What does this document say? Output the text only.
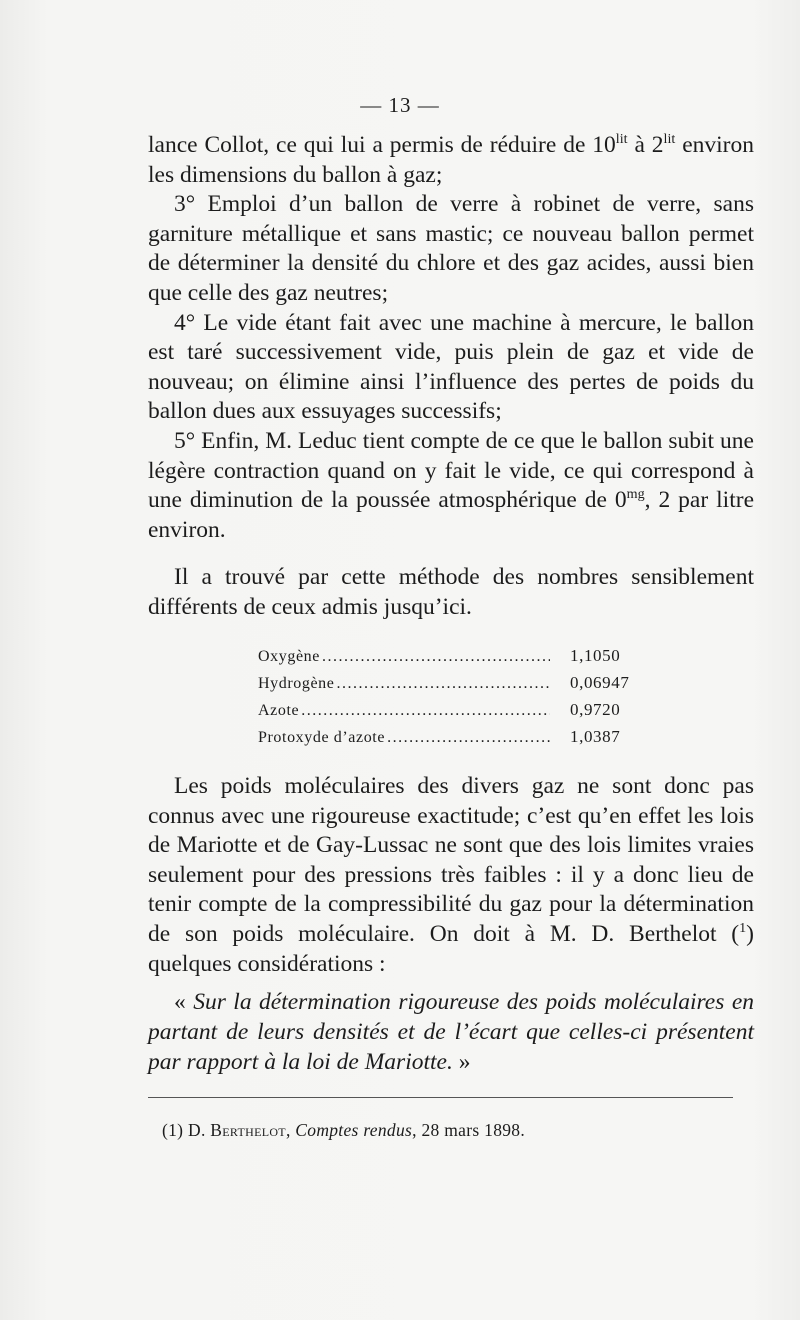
— 13 —

lance Collot, ce qui lui a permis de réduire de $10^{lit}$ à $2^{lit}$ environ les dimensions du ballon à gaz;

3° Emploi d’un ballon de verre à robinet de verre, sans garniture métallique et sans mastic; ce nouveau ballon permet de déterminer la densité du chlore et des gaz acides, aussi bien que celle des gaz neutres;

4° Le vide étant fait avec une machine à mercure, le ballon est taré successivement vide, puis plein de gaz et vide de nouveau; on élimine ainsi l’influence des pertes de poids du ballon dues aux essuyages successifs;

5° Enfin, M. Leduc tient compte de ce que le ballon subit une légère contraction quand on y fait le vide, ce qui correspond à une diminution de la poussée atmosphérique de $0^{mg}$, 2 par litre environ.

Il a trouvé par cette méthode des nombres sensiblement différents de ceux admis jusqu’ici.

Oxygène .....	1,1050
Hydrogène .....	0,06947
Azote .....	0,9720
Protoxyde d’azote .....	1,0387

Les poids moléculaires des divers gaz ne sont donc pas connus avec une rigoureuse exactitude; c’est qu’en effet les lois de Mariotte et de Gay-Lussac ne sont que des lois limites vraies seulement pour des pressions très faibles : il y a donc lieu de tenir compte de la compressibilité du gaz pour la détermination de son poids moléculaire. On doit à M. D. Berthelot ($^1$) quelques considérations :

« Sur la détermination rigoureuse des poids moléculaires en partant de leurs densités et de l’écart que celles-ci présentent par rapport à la loi de Mariotte. »
(1) D. Berthelot, Comptes rendus, 28 mars 1898.
